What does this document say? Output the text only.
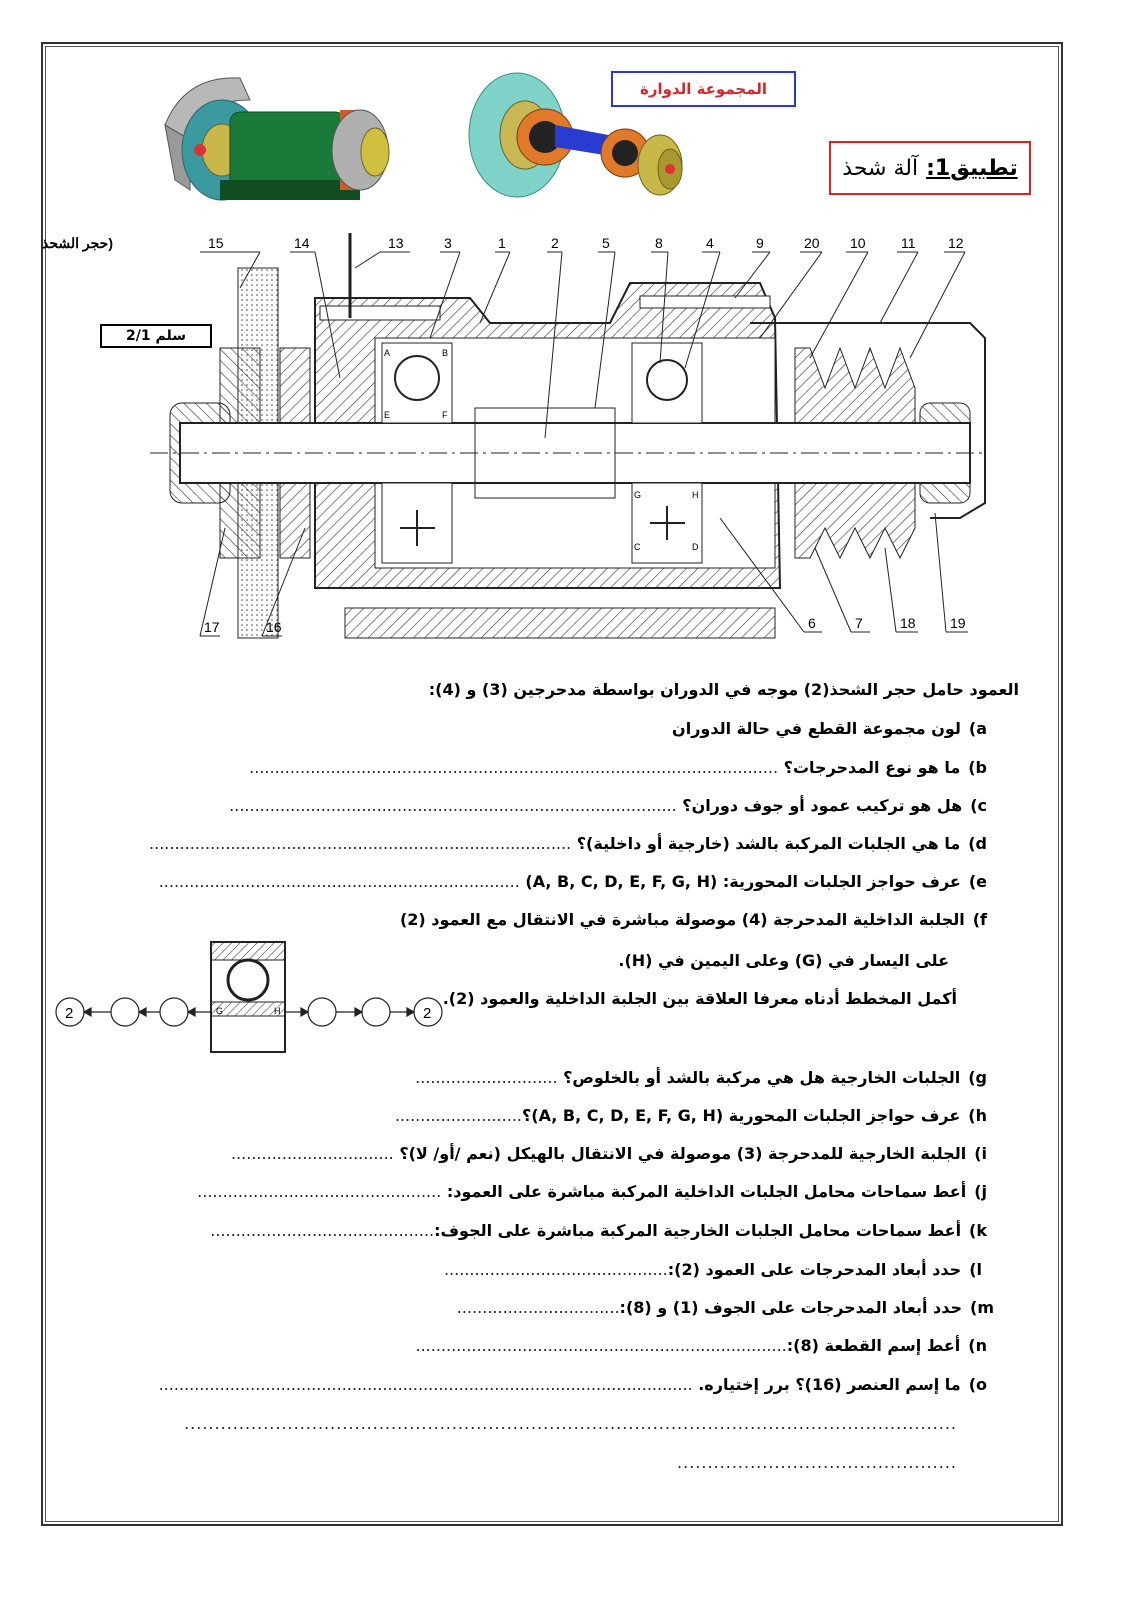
تطبيق1:
آلة شحذ
المجموعة الدوارة
(حجر الشحذ	15	14	13	3	1	2	5	8	4	9	20 10	11 12
17	16	6	7	18 19
A	B
E	F
C	D
G	H
سلم 2/1
العمود حامل حجر الشحذ(2) موجه في الدوران بواسطة مدحرجين (3) و (4):
a)لون مجموعة القطع في حالة الدوران
b)ما هو نوع المدحرجات؟ ........................................................................................................
c)هل هو تركيب عمود أو جوف دوران؟ ........................................................................................
d)ما هي الجلبات المركبة بالشد (خارجية أو داخلية)؟ ...................................................................................
e)عرف حواجز الجلبات المحورية: (A, B, C, D, E, F, G, H) .......................................................................
f)الجلبة الداخلية المدحرجة (4) موصولة مباشرة في الانتقال مع العمود (2)
على اليسار في (G) وعلى اليمين في (H).
أكمل المخطط أدناه معرفا العلاقة بين الجلبة الداخلية والعمود (2).
G	H
2	2
g)الجلبات الخارجية هل هي مركبة بالشد أو بالخلوص؟ ............................
h)عرف حواجز الجلبات المحورية (A, B, C, D, E, F, G, H)؟.........................
i)الجلبة الخارجية للمدحرجة (3) موصولة في الانتقال بالهيكل (نعم /أو/ لا)؟ ................................
j)أعط سماحات محامل الجلبات الداخلية المركبة مباشرة على العمود: ................................................
k)أعط سماحات محامل الجلبات الخارجية المركبة مباشرة على الجوف:............................................
l)حدد أبعاد المدحرجات على العمود (2):............................................
m)حدد أبعاد المدحرجات على الجوف (1) و (8):................................
n)أعط إسم القطعة (8):.........................................................................
o)ما إسم العنصر (16)؟ برر إختياره. .........................................................................................................
...............................................................................................................................
..............................................
